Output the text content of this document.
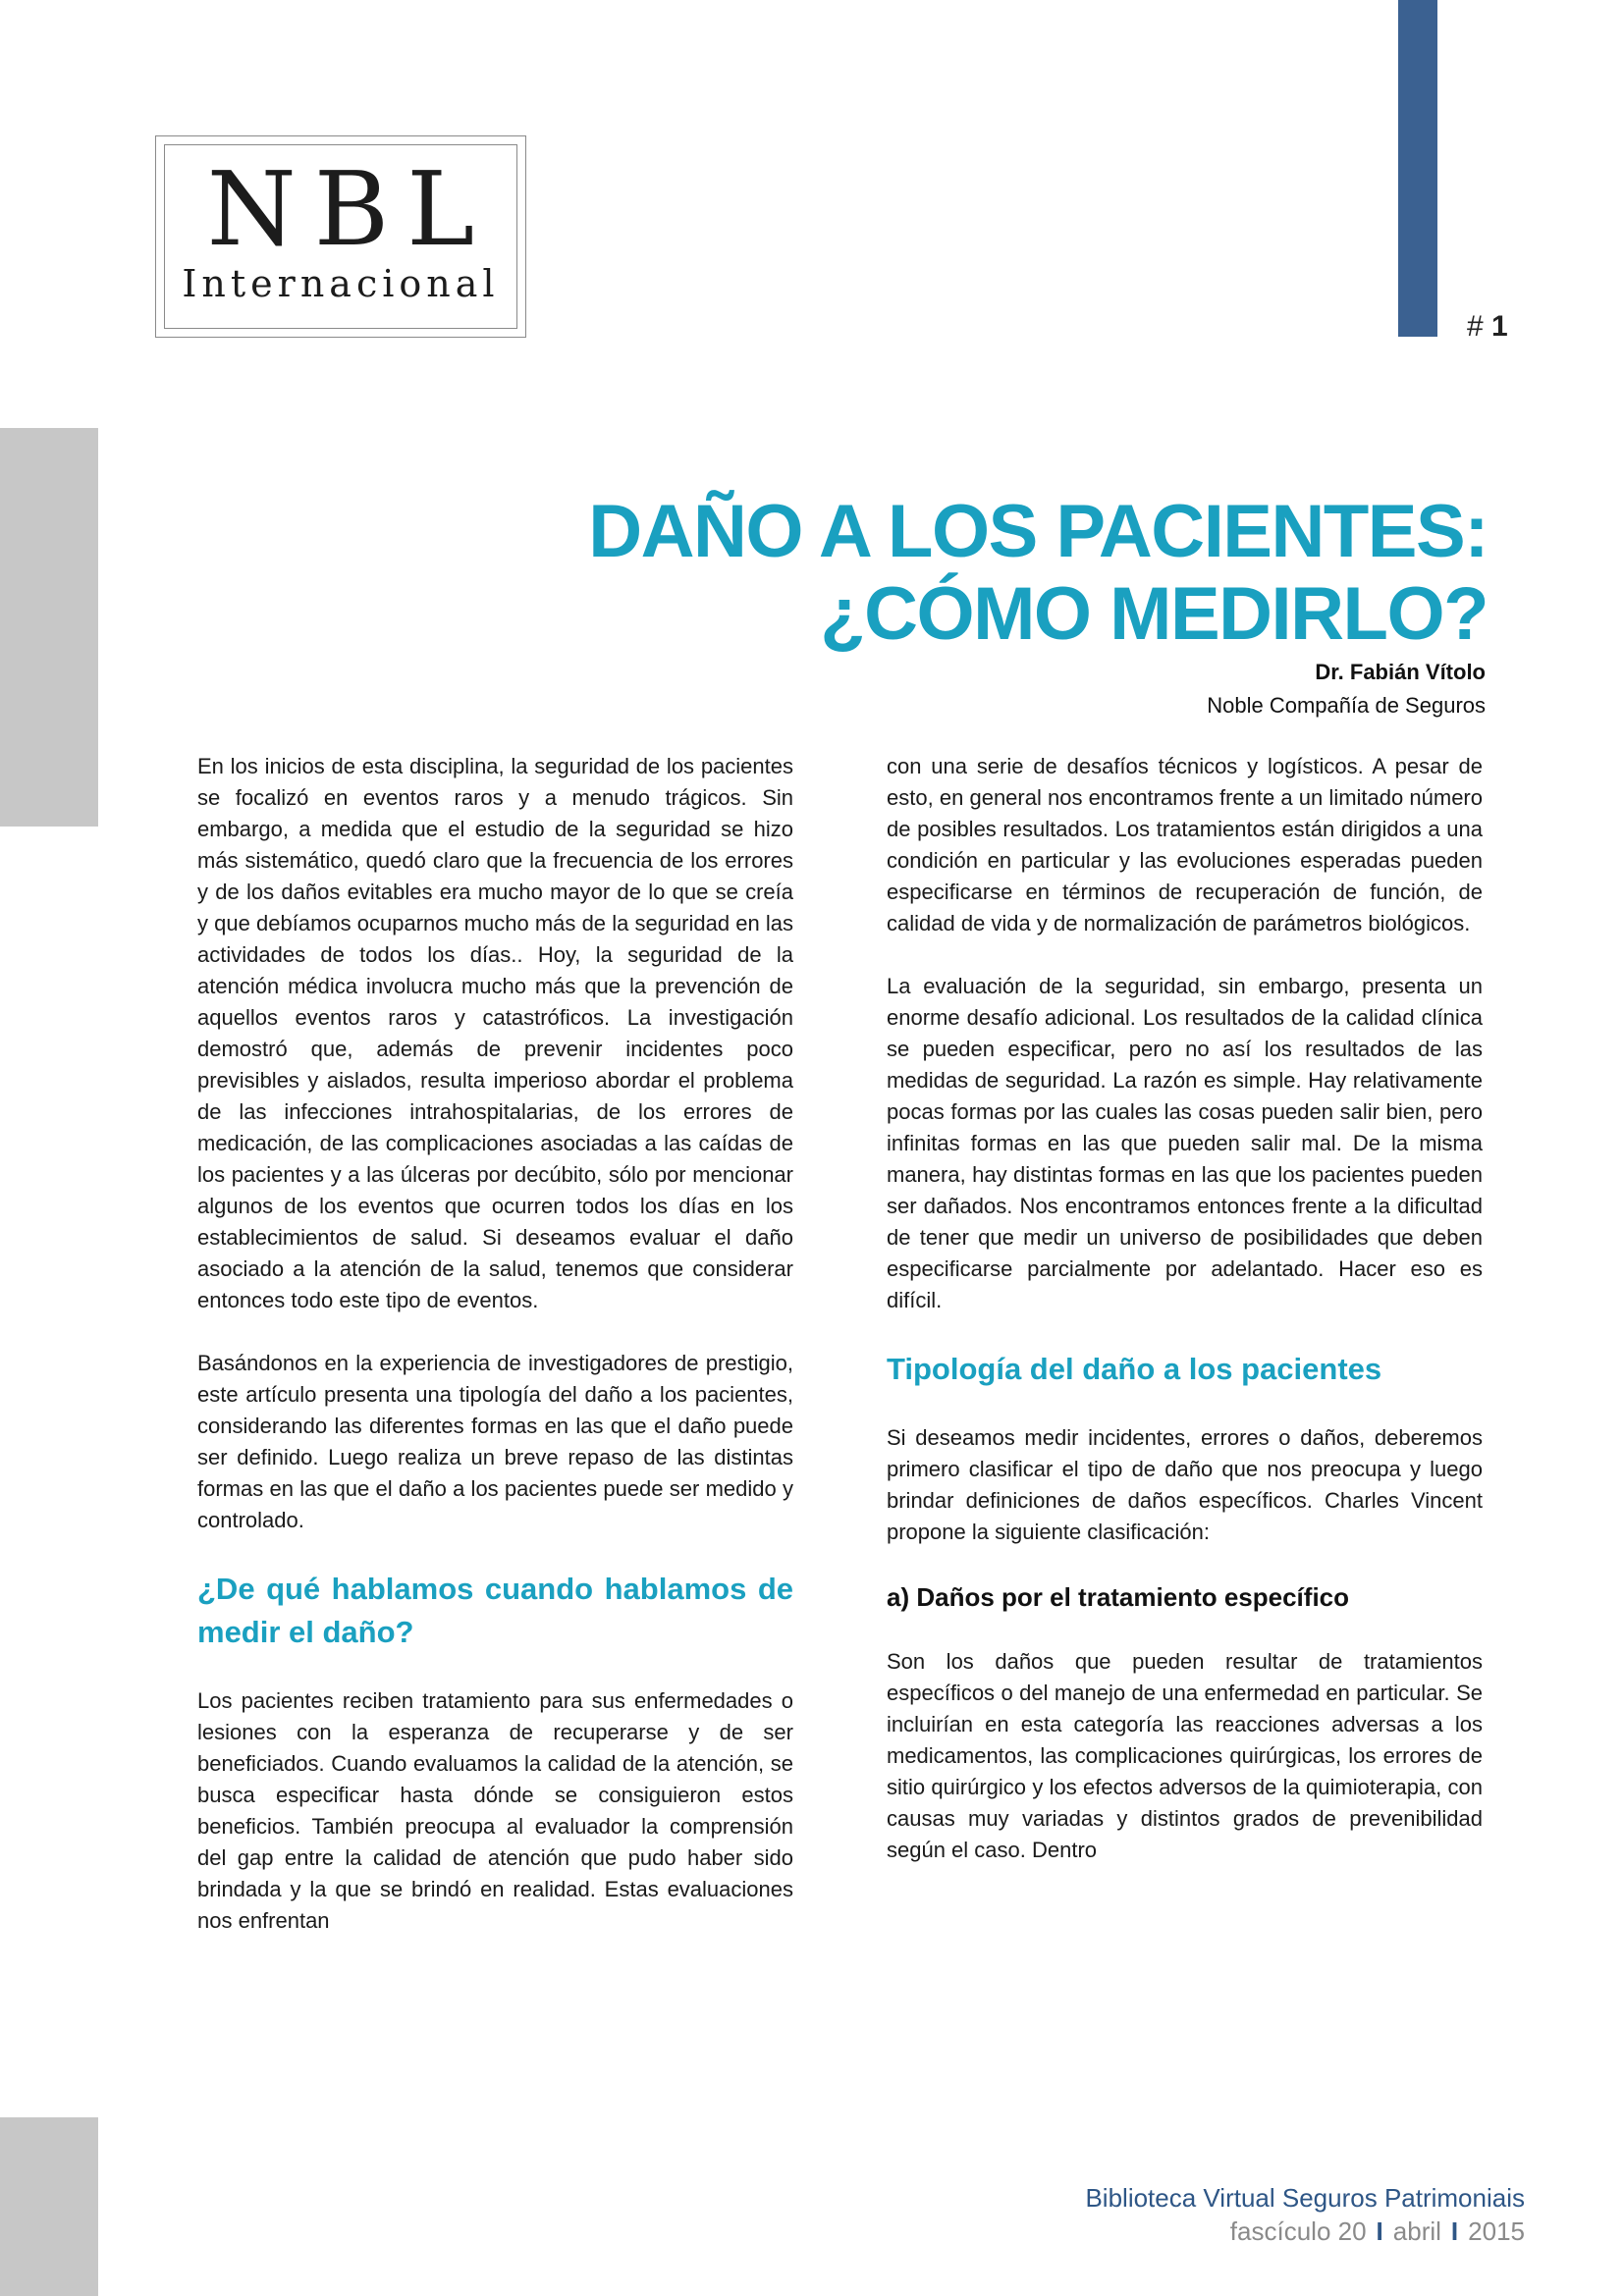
NBL
Internacional
# 1
DAÑO A LOS PACIENTES:
¿CÓMO MEDIRLO?
Dr. Fabián Vítolo
Noble Compañía de Seguros

En los inicios de esta disciplina, la seguridad de los pacientes se focalizó en eventos raros y a menudo trágicos. Sin embargo, a medida que el estudio de la seguridad se hizo más sistemático, quedó claro que la frecuencia de los errores y de los daños evitables era mucho mayor de lo que se creía y que debíamos ocuparnos mucho más de la seguridad en las actividades de todos los días.. Hoy, la seguridad de la atención médica involucra mucho más que la prevención de aquellos eventos raros y catastróficos. La investigación demostró que, además de prevenir incidentes poco previsibles y aislados, resulta imperioso abordar el problema de las infecciones intrahospitalarias, de los errores de medicación, de las complicaciones asociadas a las caídas de los pacientes y a las úlceras por decúbito, sólo por mencionar algunos de los eventos que ocurren todos los días en los establecimientos de salud. Si deseamos evaluar el daño asociado a la atención de la salud, tenemos que considerar entonces todo este tipo de eventos.

Basándonos en la experiencia de investigadores de prestigio, este artículo presenta una tipología del daño a los pacientes, considerando las diferentes formas en las que el daño puede ser definido. Luego realiza un breve repaso de las distintas formas en las que el daño a los pacientes puede ser medido y controlado.

¿De qué hablamos cuando hablamos de medir el daño?

Los pacientes reciben tratamiento para sus enfermedades o lesiones con la esperanza de recuperarse y de ser beneficiados. Cuando evaluamos la calidad de la atención, se busca especificar hasta dónde se consiguieron estos beneficios. También preocupa al evaluador la comprensión del gap entre la calidad de atención que pudo haber sido brindada y la que se brindó en realidad. Estas evaluaciones nos enfrentan

con una serie de desafíos técnicos y logísticos. A pesar de esto, en general nos encontramos frente a un limitado número de posibles resultados. Los tratamientos están dirigidos a una condición en particular y las evoluciones esperadas pueden especificarse en términos de recuperación de función, de calidad de vida y de normalización de parámetros biológicos.

La evaluación de la seguridad, sin embargo, presenta un enorme desafío adicional. Los resultados de la calidad clínica se pueden especificar, pero no así los resultados de las medidas de seguridad. La razón es simple. Hay relativamente pocas formas por las cuales las cosas pueden salir bien, pero infinitas formas en las que pueden salir mal. De la misma manera, hay distintas formas en las que los pacientes pueden ser dañados. Nos encontramos entonces frente a la dificultad de tener que medir un universo de posibilidades que deben especificarse parcialmente por adelantado. Hacer eso es difícil.

Tipología del daño a los pacientes

Si deseamos medir incidentes, errores o daños, deberemos primero clasificar el tipo de daño que nos preocupa y luego brindar definiciones de daños específicos. Charles Vincent propone la siguiente clasificación:

a) Daños por el tratamiento específico

Son los daños que pueden resultar de tratamientos específicos o del manejo de una enfermedad en particular. Se incluirían en esta categoría las reacciones adversas a los medicamentos, las complicaciones quirúrgicas, los errores de sitio quirúrgico y los efectos adversos de la quimioterapia, con causas muy variadas y distintos grados de prevenibilidad según el caso. Dentro

Biblioteca Virtual Seguros Patrimoniais
fascículo 20 I abril I 2015
